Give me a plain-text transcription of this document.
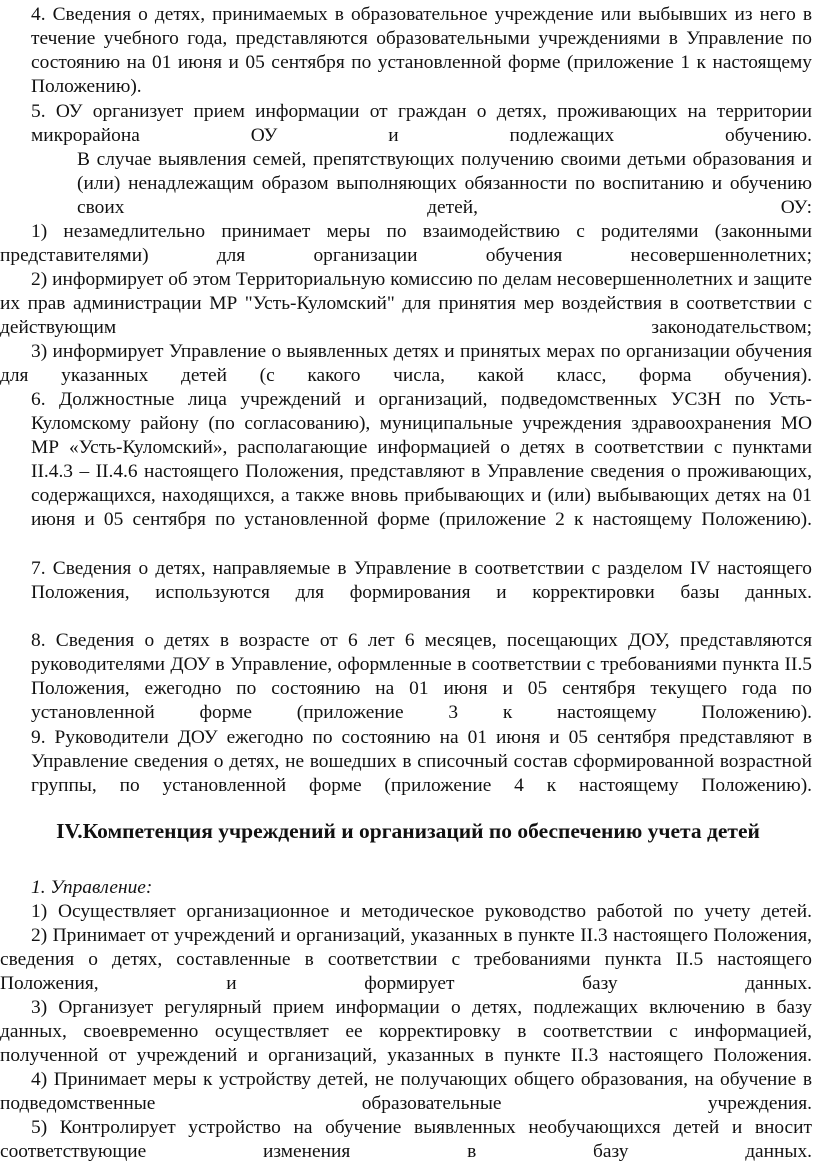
4. Сведения о детях, принимаемых в образовательное учреждение или выбывших из него в течение учебного года, представляются образовательными учреждениями в Управление по состоянию на 01 июня и 05 сентября по установленной форме (приложение 1 к настоящему Положению).
5. ОУ организует прием информации от граждан о детях, проживающих на территории микрорайона ОУ и подлежащих обучению.
В случае выявления семей, препятствующих получению своими детьми образования и (или) ненадлежащим образом выполняющих обязанности по воспитанию и обучению своих детей, ОУ:
1) незамедлительно принимает меры по взаимодействию с родителями (законными представителями) для организации обучения несовершеннолетних;
2) информирует об этом Территориальную комиссию по делам несовершеннолетних и защите их прав администрации МР "Усть-Куломский" для принятия мер воздействия в соответствии с действующим законодательством;
3) информирует Управление о выявленных детях и принятых мерах по организации обучения для указанных детей (с какого числа, какой класс, форма обучения).
6. Должностные лица учреждений и организаций, подведомственных УСЗН по Усть-Куломскому району (по согласованию), муниципальные учреждения здравоохранения МО МР «Усть-Куломский», располагающие информацией о детях в соответствии с пунктами II.4.3 – II.4.6 настоящего Положения, представляют в Управление сведения о проживающих, содержащихся, находящихся, а также вновь прибывающих и (или) выбывающих детях на 01 июня и 05 сентября по установленной форме (приложение 2 к настоящему Положению).
7. Сведения о детях, направляемые в Управление в соответствии с разделом IV настоящего Положения, используются для формирования и корректировки базы данных.
8. Сведения о детях в возрасте от 6 лет 6 месяцев, посещающих ДОУ, представляются руководителями ДОУ в Управление, оформленные в соответствии с требованиями пункта II.5 Положения, ежегодно по состоянию на 01 июня и 05 сентября текущего года по установленной форме (приложение 3 к настоящему Положению).
9. Руководители ДОУ ежегодно по состоянию на 01 июня и 05 сентября представляют в Управление сведения о детях, не вошедших в списочный состав сформированной возрастной группы, по установленной форме (приложение 4 к настоящему Положению).
IV.Компетенция учреждений и организаций по обеспечению учета детей
1. Управление:
1) Осуществляет организационное и методическое руководство работой по учету детей.
2) Принимает от учреждений и организаций, указанных в пункте II.3 настоящего Положения, сведения о детях, составленные в соответствии с требованиями пункта II.5 настоящего Положения, и формирует базу данных.
3) Организует регулярный прием информации о детях, подлежащих включению в базу данных, своевременно осуществляет ее корректировку в соответствии с информацией, полученной от учреждений и организаций, указанных в пункте II.3 настоящего Положения.
4) Принимает меры к устройству детей, не получающих общего образования, на обучение в подведомственные образовательные учреждения.
5) Контролирует устройство на обучение выявленных необучающихся детей и вносит соответствующие изменения в базу данных.
